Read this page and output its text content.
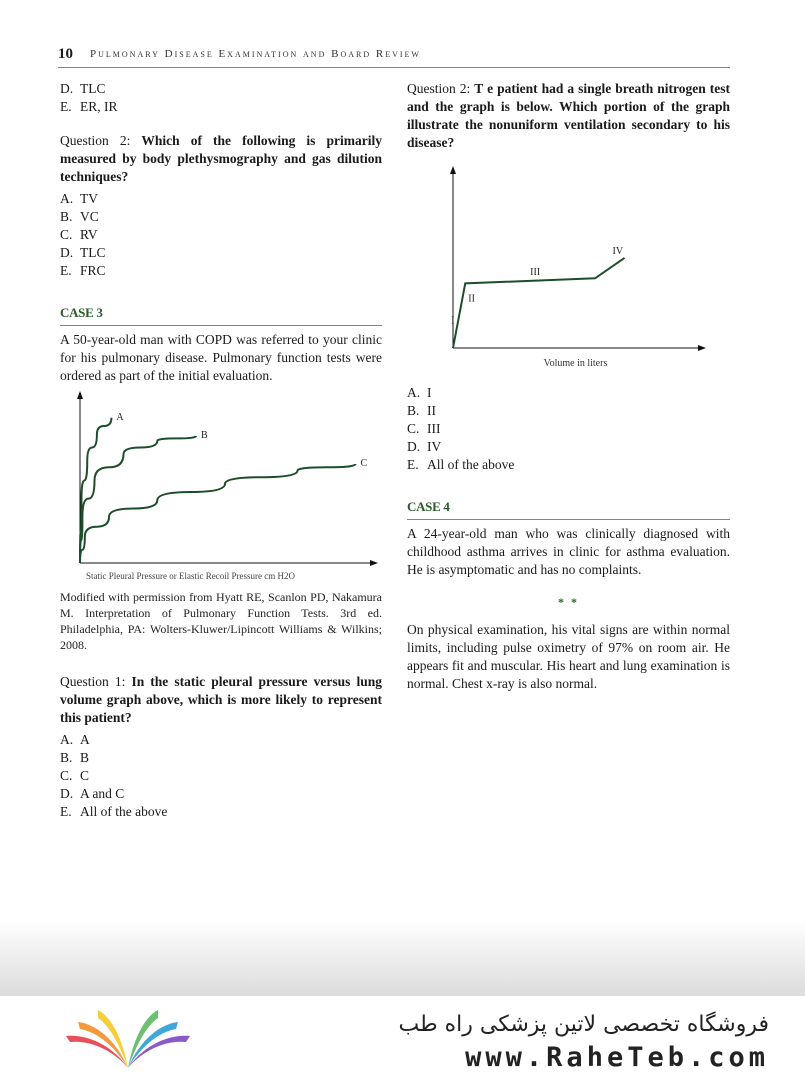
10 Pulmonary Disease Examination and Board Review
D. TLC
E. ER, IR
Question 2: Which of the following is primarily measured by body plethysmography and gas dilution techniques?
A. TV
B. VC
C. RV
D. TLC
E. FRC
CASE 3
A 50-year-old man with COPD was referred to your clinic for his pulmonary disease. Pulmonary function tests were ordered as part of the initial evaluation.
A
B
C
Static Pleural Pressure or Elastic Recoil Pressure cm H2O
Modified with permission from Hyatt RE, Scanlon PD, Nakamura M. Interpretation of Pulmonary Function Tests. 3rd ed. Philadelphia, PA: Wolters-Kluwer/Lipincott Williams & Wilkins; 2008.
Question 1: In the static pleural pressure versus lung volume graph above, which is more likely to represent this patient?
A. A
B. B
C. C
D. A and C
E. All of the above
Question 2: T e patient had a single breath nitrogen test and the graph is below. Which portion of the graph illustrate the nonuniform ventilation secondary to his disease?
I
II
III
IV
Volume in liters
A. I
B. II
C. III
D. IV
E. All of the above
CASE 4
A 24-year-old man who was clinically diagnosed with childhood asthma arrives in clinic for asthma evaluation. He is asymptomatic and has no complaints.
* *
On physical examination, his vital signs are within normal limits, including pulse oximetry of 97% on room air. He appears fit and muscular. His heart and lung examination is normal. Chest x-ray is also normal.
فروشگاه تخصصی لاتین پزشکی راه طب
www.RaheTeb.com
